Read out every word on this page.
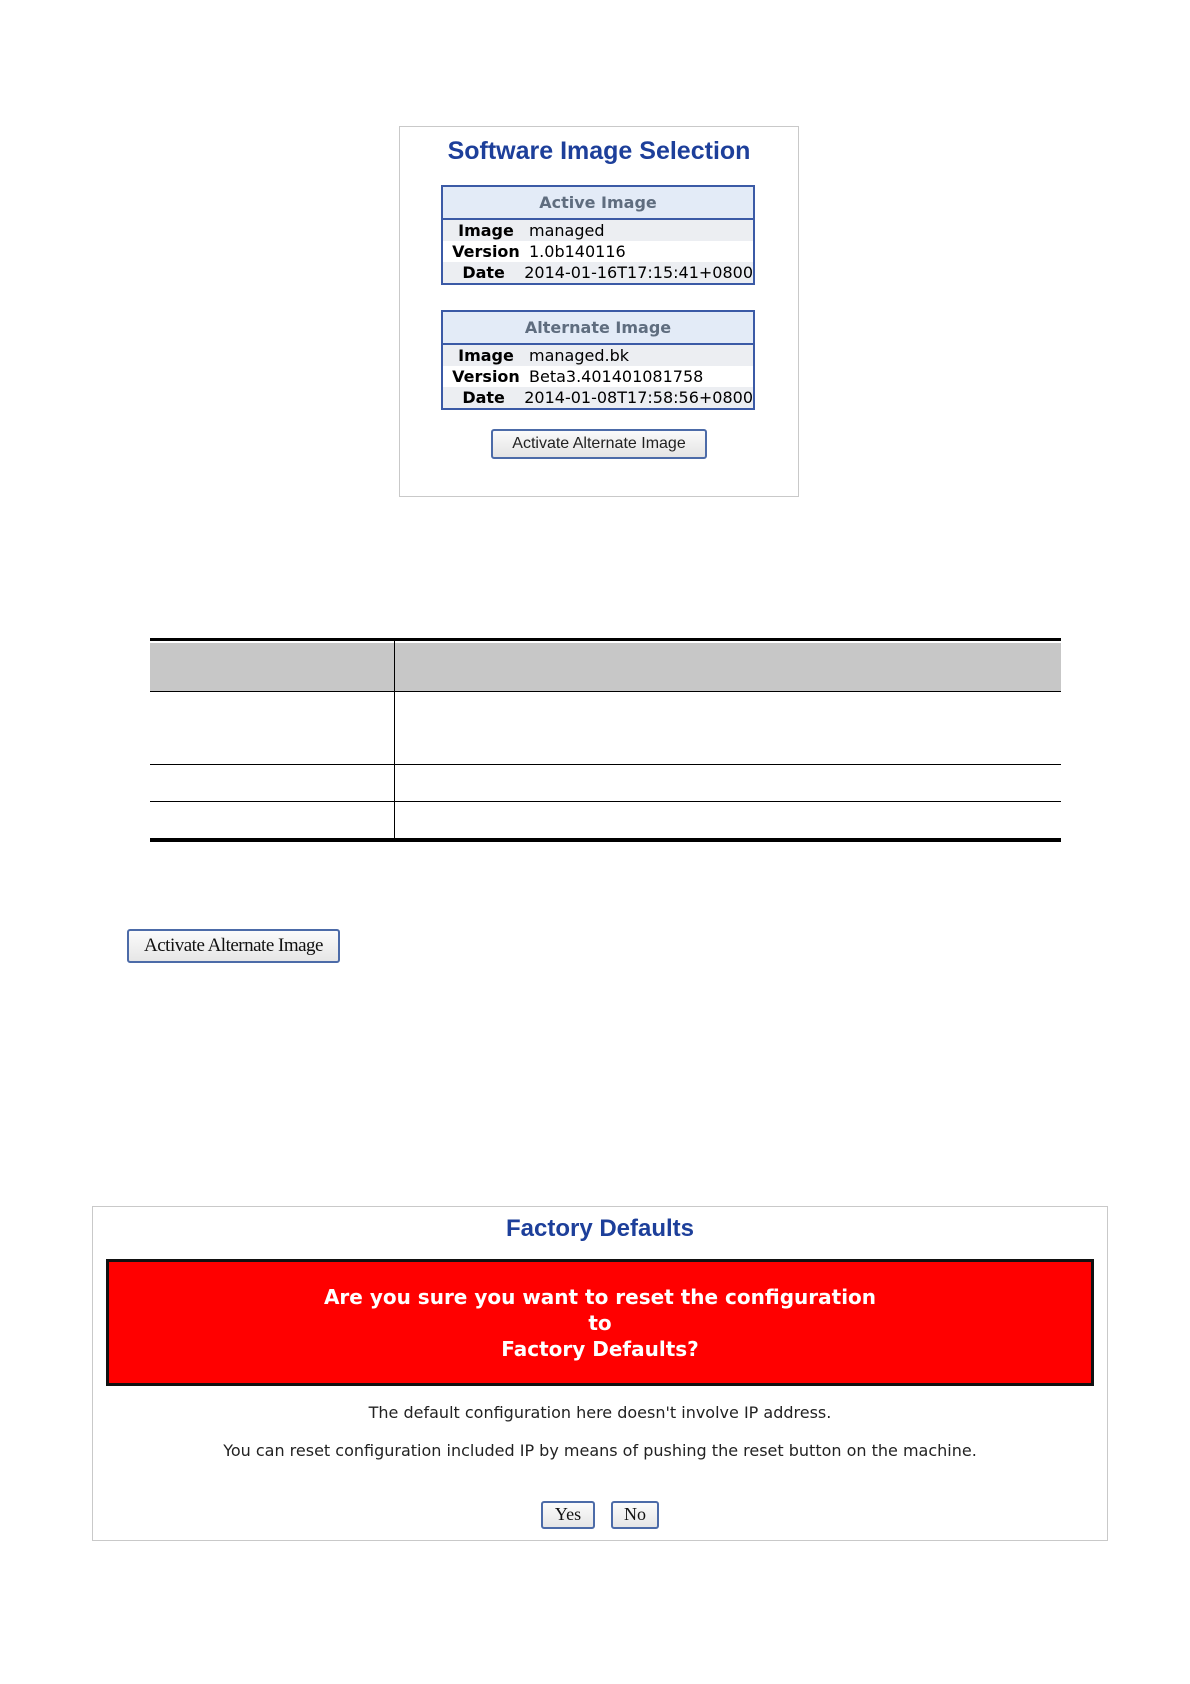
Software Image Selection
Active Image
Image managed
Version 1.0b140116
Date	2014-01-16T17:15:41+0800
Alternate Image
Image managed.bk
Version Beta3.401401081758
Date	2014-01-08T17:58:56+0800
Activate Alternate Image
Activate Alternate Image
Factory Defaults
Are you sure you want to reset the configuration to
Factory Defaults?
The default configuration here doesn't involve IP address.
You can reset configuration included IP by means of pushing the reset button on the machine.
Yes	No
